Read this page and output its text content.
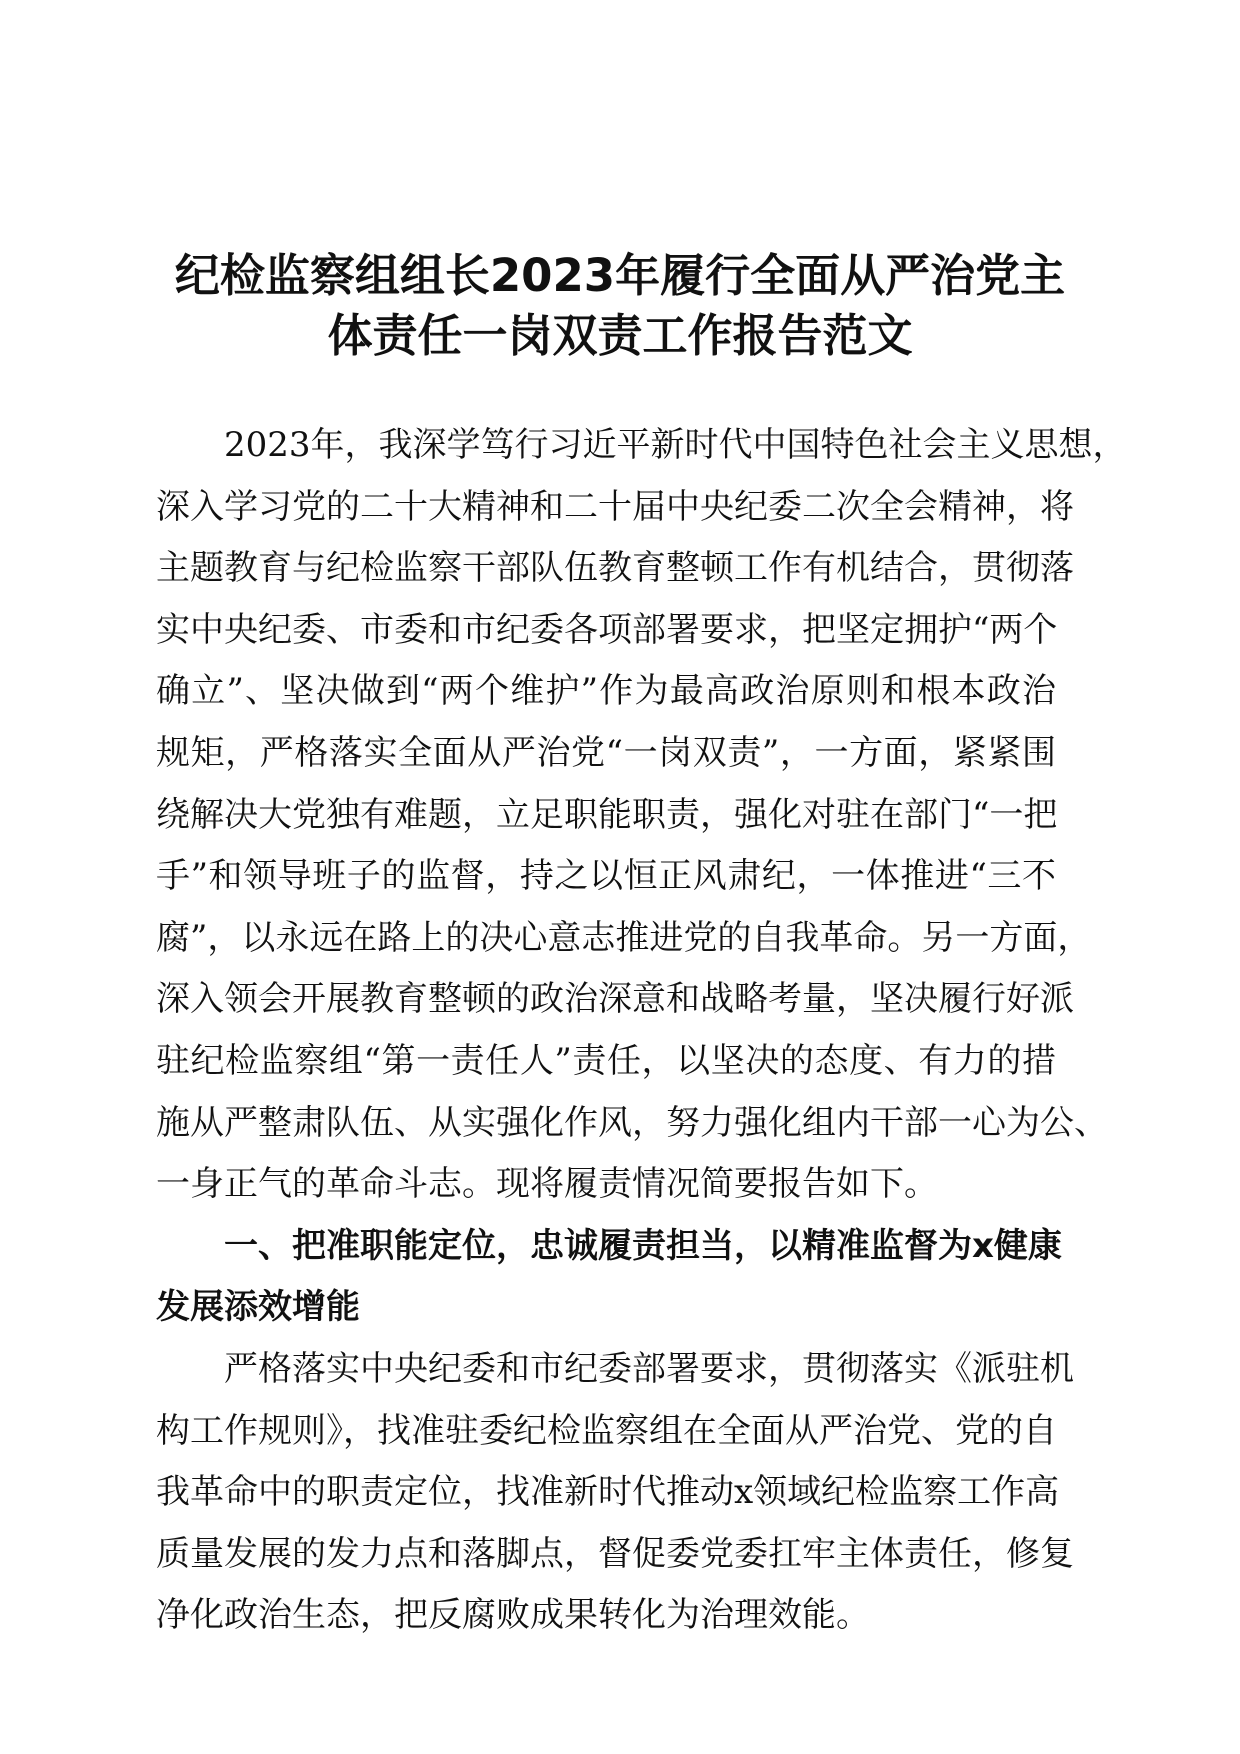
纪检监察组组长2023年履行全面从严治党主
体责任一岗双责工作报告范文
2023年，我深学笃行习近平新时代中国特色社会主义思想，
深入学习党的二十大精神和二十届中央纪委二次全会精神，将
主题教育与纪检监察干部队伍教育整顿工作有机结合，贯彻落
实中央纪委、市委和市纪委各项部署要求，把坚定拥护“两个
确立”、坚决做到“两个维护”作为最高政治原则和根本政治
规矩，严格落实全面从严治党“一岗双责”，一方面，紧紧围
绕解决大党独有难题，立足职能职责，强化对驻在部门“一把
手”和领导班子的监督，持之以恒正风肃纪，一体推进“三不
腐”，以永远在路上的决心意志推进党的自我革命。另一方面，
深入领会开展教育整顿的政治深意和战略考量，坚决履行好派
驻纪检监察组“第一责任人”责任，以坚决的态度、有力的措
施从严整肃队伍、从实强化作风，努力强化组内干部一心为公、
一身正气的革命斗志。现将履责情况简要报告如下。
一、把准职能定位，忠诚履责担当，以精准监督为x健康
发展添效增能
严格落实中央纪委和市纪委部署要求，贯彻落实《派驻机
构工作规则》，找准驻委纪检监察组在全面从严治党、党的自
我革命中的职责定位，找准新时代推动x领域纪检监察工作高
质量发展的发力点和落脚点，督促委党委扛牢主体责任，修复
净化政治生态，把反腐败成果转化为治理效能。
